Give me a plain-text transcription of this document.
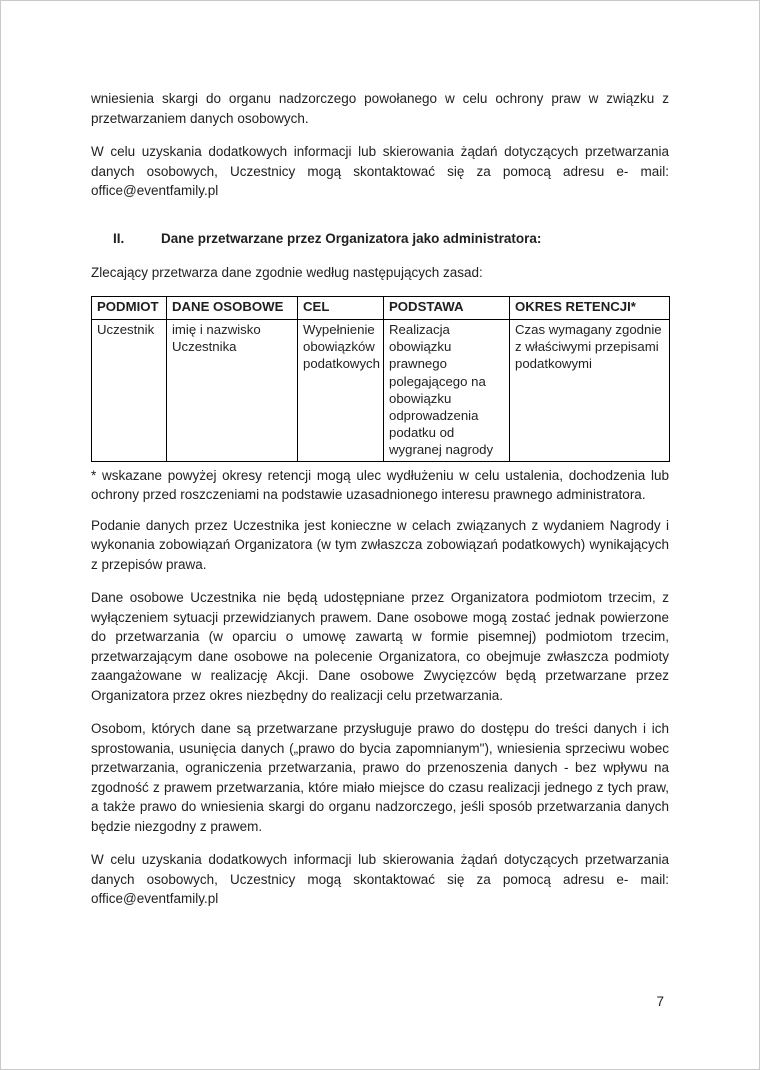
wniesienia skargi do organu nadzorczego powołanego w celu ochrony praw w związku z przetwarzaniem danych osobowych.

W celu uzyskania dodatkowych informacji lub skierowania żądań dotyczących przetwarzania danych osobowych, Uczestnicy mogą skontaktować się za pomocą adresu e- mail: office@eventfamily.pl

II.	Dane przetwarzane przez Organizatora jako administratora:

Zlecający przetwarza dane zgodnie według następujących zasad:

PODMIOT	DANE OSOBOWE	CEL	PODSTAWA	OKRES RETENCJI*
Uczestnik	imię i nazwisko Uczestnika	Wypełnienie obowiązków podatkowych	Realizacja obowiązku prawnego polegającego na obowiązku odprowadzenia podatku od wygranej nagrody	Czas wymagany zgodnie z właściwymi przepisami podatkowymi

* wskazane powyżej okresy retencji mogą ulec wydłużeniu w celu ustalenia, dochodzenia lub ochrony przed roszczeniami na podstawie uzasadnionego interesu prawnego administratora.

Podanie danych przez Uczestnika jest konieczne w celach związanych z wydaniem Nagrody i wykonania zobowiązań Organizatora (w tym zwłaszcza zobowiązań podatkowych) wynikających z przepisów prawa.

Dane osobowe Uczestnika nie będą udostępniane przez Organizatora podmiotom trzecim, z wyłączeniem sytuacji przewidzianych prawem. Dane osobowe mogą zostać jednak powierzone do przetwarzania (w oparciu o umowę zawartą w formie pisemnej) podmiotom trzecim, przetwarzającym dane osobowe na polecenie Organizatora, co obejmuje zwłaszcza podmioty zaangażowane w realizację Akcji. Dane osobowe Zwycięzców będą przetwarzane przez Organizatora przez okres niezbędny do realizacji celu przetwarzania.

Osobom, których dane są przetwarzane przysługuje prawo do dostępu do treści danych i ich sprostowania, usunięcia danych („prawo do bycia zapomnianym"), wniesienia sprzeciwu wobec przetwarzania, ograniczenia przetwarzania, prawo do przenoszenia danych - bez wpływu na zgodność z prawem przetwarzania, które miało miejsce do czasu realizacji jednego z tych praw, a także prawo do wniesienia skargi do organu nadzorczego, jeśli sposób przetwarzania danych będzie niezgodny z prawem.

W celu uzyskania dodatkowych informacji lub skierowania żądań dotyczących przetwarzania danych osobowych, Uczestnicy mogą skontaktować się za pomocą adresu e- mail: office@eventfamily.pl

7
